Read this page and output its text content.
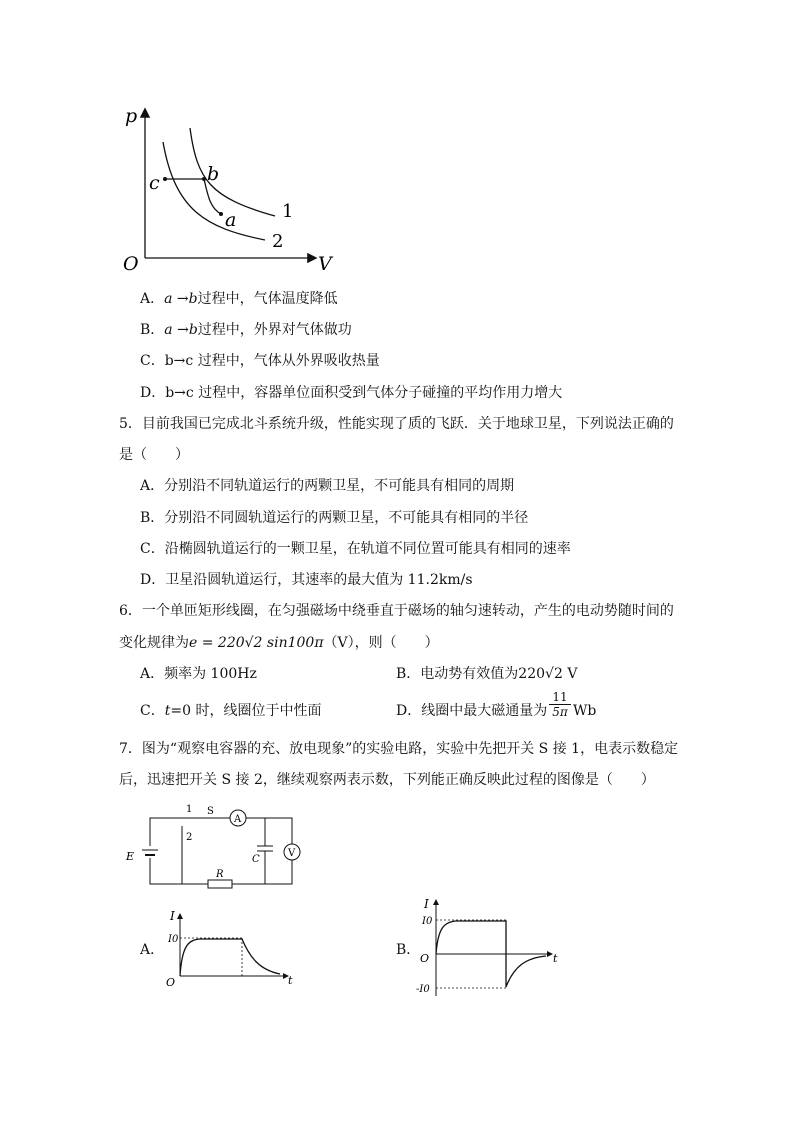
p
V
O
c b
a	1
2
A．a →b过程中，气体温度降低
B．a →b过程中，外界对气体做功
C．b→c 过程中，气体从外界吸收热量
D．b→c 过程中，容器单位面积受到气体分子碰撞的平均作用力增大
5．目前我国已完成北斗系统升级，性能实现了质的飞跃．关于地球卫星，下列说法正确的
是（　　）
A．分别沿不同轨道运行的两颗卫星，不可能具有相同的周期
B．分别沿不同圆轨道运行的两颗卫星，不可能具有相同的半径
C．沿椭圆轨道运行的一颗卫星，在轨道不同位置可能具有相同的速率
D．卫星沿圆轨道运行，其速率的最大值为 11.2km/s
6．一个单匝矩形线圈，在匀强磁场中绕垂直于磁场的轴匀速转动，产生的电动势随时间的
变化规律为e = 220√2 sin100π（V），则（　　）
A．频率为 100Hz	B．电动势有效值为220√2 V
C．t=0 时，线圈位于中性面	D．线圈中最大磁通量为 $\frac{11}{5\pi}$ Wb
7．图为“观察电容器的充、放电现象”的实验电路，实验中先把开关 S 接 1，电表示数稳定
后，迅速把开关 S 接 2，继续观察两表示数，下列能正确反映此过程的图像是（　　）
E
S
1
2
A
V
C
R
A．
I
I0
O	t
B．
I
I0
O
-I0
t
